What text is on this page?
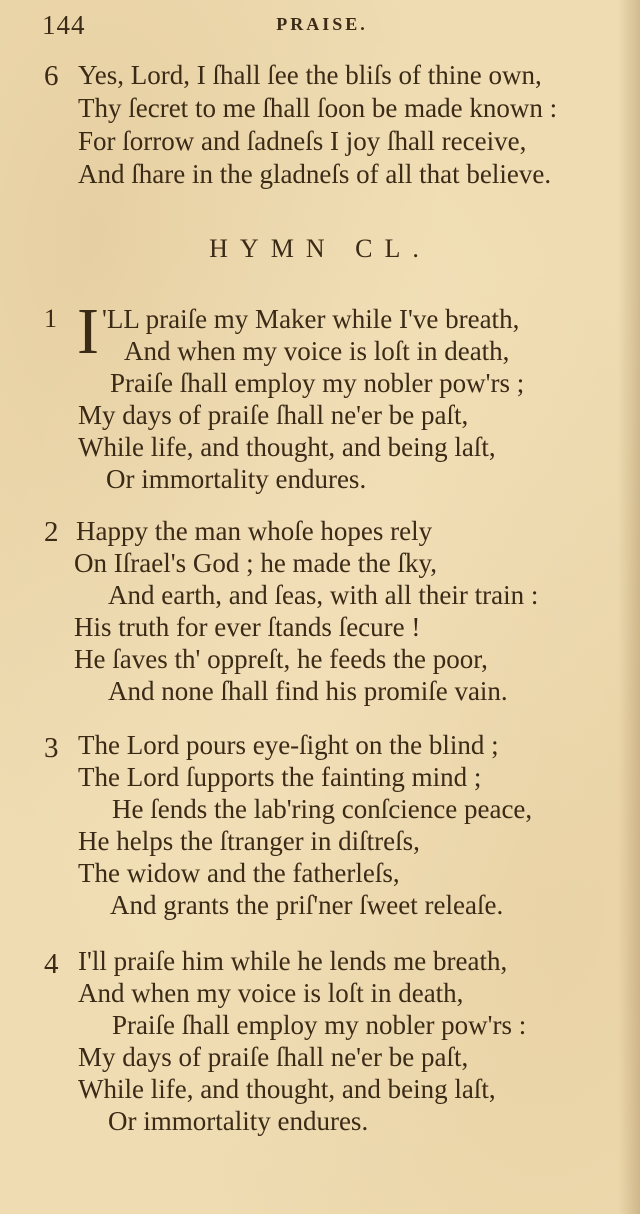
144	PRAISE.
6 Yes, Lord, I ſhall ſee the bliſs of thine own,
Thy ſecret to me ſhall ſoon be made known :
For ſorrow and ſadneſs I joy ſhall receive,
And ſhare in the gladneſs of all that believe.
HYMN CL.
1 I 'LL praiſe my Maker while I've breath,
And when my voice is loſt in death,
Praiſe ſhall employ my nobler pow'rs ;
My days of praiſe ſhall ne'er be paſt,
While life, and thought, and being laſt,
Or immortality endures.
2 Happy the man whoſe hopes rely
On Iſrael's God ; he made the ſky,
And earth, and ſeas, with all their train :
His truth for ever ſtands ſecure !
He ſaves th' oppreſt, he feeds the poor,
And none ſhall find his promiſe vain.
3 The Lord pours eye-ſight on the blind ;
The Lord ſupports the fainting mind ;
He ſends the lab'ring conſcience peace,
He helps the ſtranger in diſtreſs,
The widow and the fatherleſs,
And grants the priſ'ner ſweet releaſe.
4 I'll praiſe him while he lends me breath,
And when my voice is loſt in death,
Praiſe ſhall employ my nobler pow'rs :
My days of praiſe ſhall ne'er be paſt,
While life, and thought, and being laſt,
Or immortality endures.
